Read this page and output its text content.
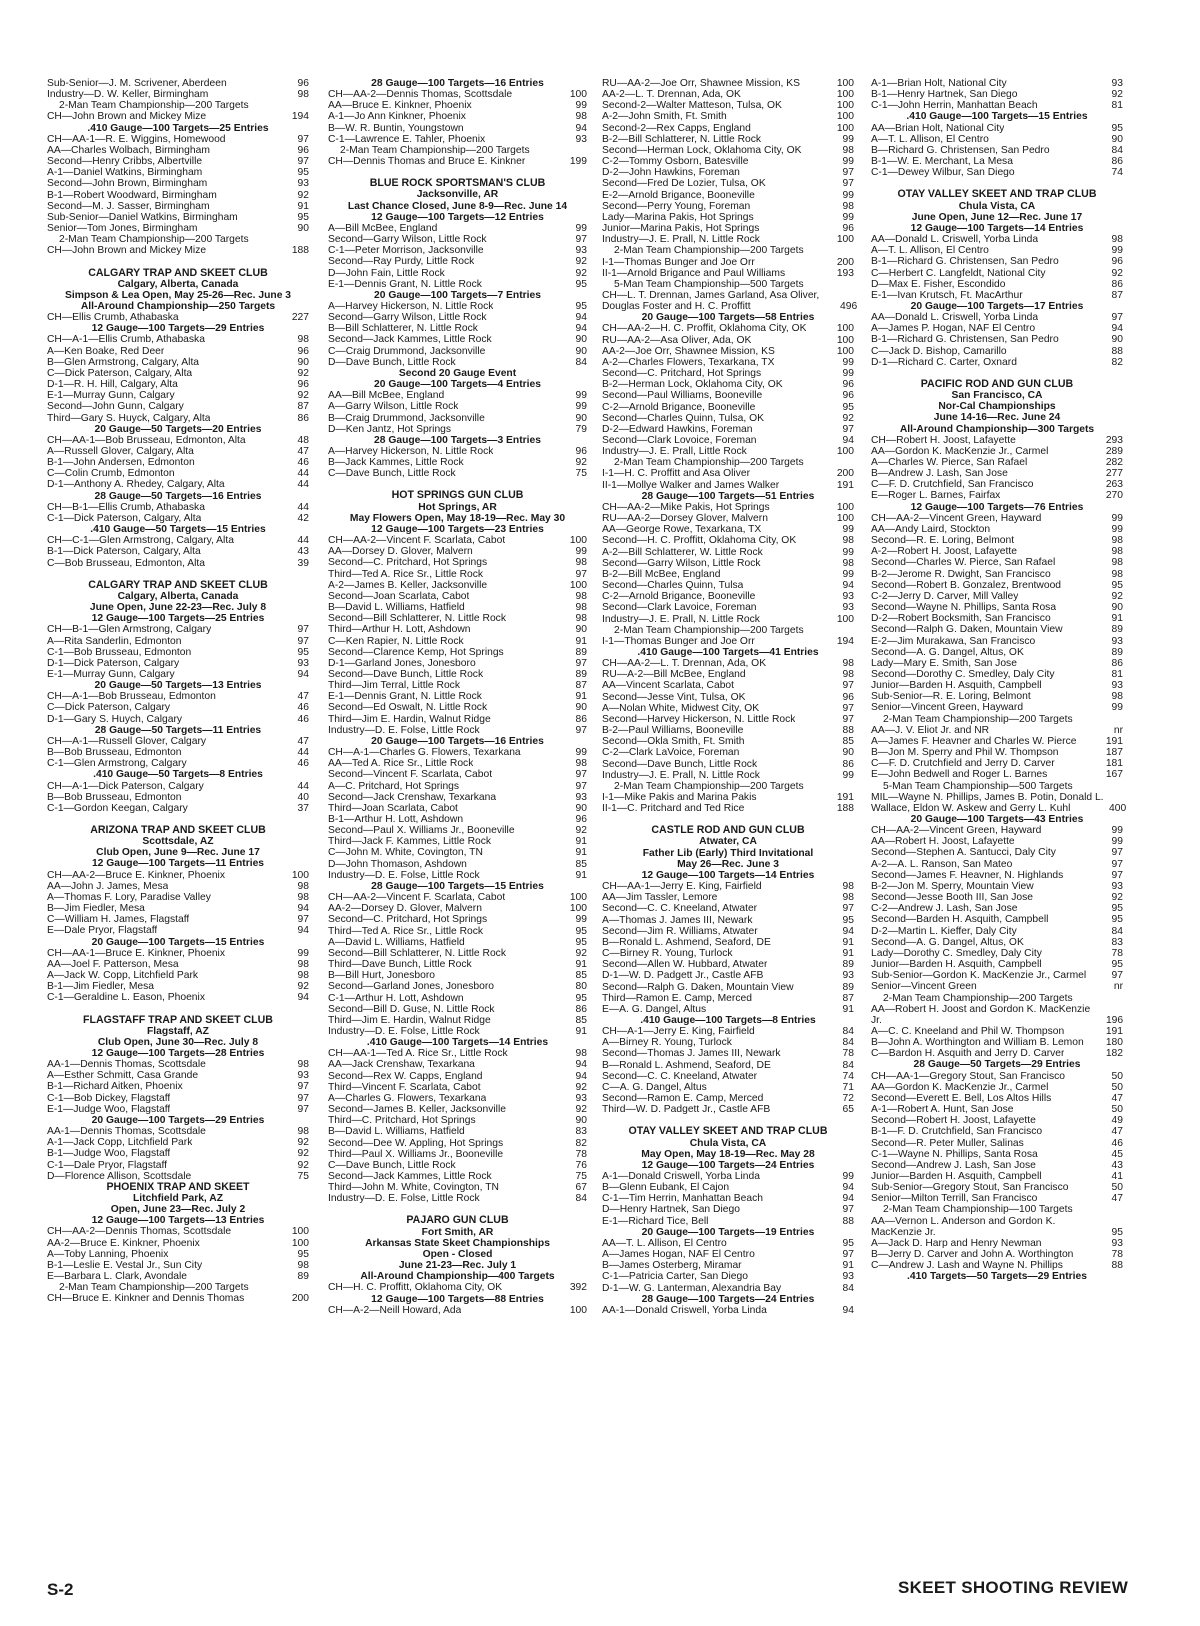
Sub-Senior—J. M. Scrivener, Aberdeen	96
Industry—D. W. Keller, Birmingham	98
2-Man Team Championship—200 Targets
CH—John Brown and Mickey Mize	194
.410 Gauge—100 Targets—25 Entries
CH—AA-1—R. E. Wiggins, Homewood	97
AA—Charles Wolbach, Birmingham	96
Second—Henry Cribbs, Albertville	97
A-1—Daniel Watkins, Birmingham	95
Second—John Brown, Birmingham	93
B-1—Robert Woodward, Birmingham	92
Second—M. J. Sasser, Birmingham	91
Sub-Senior—Daniel Watkins, Birmingham	95
Senior—Tom Jones, Birmingham	90
2-Man Team Championship—200 Targets
CH—John Brown and Mickey Mize	188
CALGARY TRAP AND SKEET CLUB
Calgary, Alberta, Canada
Simpson & Lea Open, May 25-26—Rec. June 3
All-Around Championship—250 Targets
CH—Ellis Crumb, Athabaska	227
12 Gauge—100 Targets—29 Entries
CH—A-1—Ellis Crumb, Athabaska	98
A—Ken Boake, Red Deer	96
B—Glen Armstrong, Calgary, Alta	90
C—Dick Paterson, Calgary, Alta	92
D-1—R. H. Hill, Calgary, Alta	96
E-1—Murray Gunn, Calgary	92
Second—John Gunn, Calgary	87
Third—Gary S. Huyck, Calgary, Alta	86
20 Gauge—50 Targets—20 Entries
CH—AA-1—Bob Brusseau, Edmonton, Alta	48
A—Russell Glover, Calgary, Alta	47
B-1—John Andersen, Edmonton	46
C—Colin Crumb, Edmonton	44
D-1—Anthony A. Rhedey, Calgary, Alta	44
28 Gauge—50 Targets—16 Entries
CH—B-1—Ellis Crumb, Athabaska	44
C-1—Dick Paterson, Calgary, Alta	42
.410 Gauge—50 Targets—15 Entries
CH—C-1—Glen Armstrong, Calgary, Alta	44
B-1—Dick Paterson, Calgary, Alta	43
C—Bob Brusseau, Edmonton, Alta	39
CALGARY TRAP AND SKEET CLUB
Calgary, Alberta, Canada
June Open, June 22-23—Rec. July 8
12 Gauge—100 Targets—25 Entries
CH—B-1—Glen Armstrong, Calgary	97
A—Rita Sanderlin, Edmonton	97
C-1—Bob Brusseau, Edmonton	95
D-1—Dick Paterson, Calgary	93
E-1—Murray Gunn, Calgary	94
20 Gauge—50 Targets—13 Entries
CH—A-1—Bob Brusseau, Edmonton	47
C—Dick Paterson, Calgary	46
D-1—Gary S. Huych, Calgary	46
28 Gauge—50 Targets—11 Entries
CH—A-1—Russell Glover, Calgary	47
B—Bob Brusseau, Edmonton	44
C-1—Glen Armstrong, Calgary	46
.410 Gauge—50 Targets—8 Entries
CH—A-1—Dick Paterson, Calgary	44
B—Bob Brusseau, Edmonton	40
C-1—Gordon Keegan, Calgary	37
ARIZONA TRAP AND SKEET CLUB
Scottsdale, AZ
Club Open, June 9—Rec. June 17
12 Gauge—100 Targets—11 Entries
CH—AA-2—Bruce E. Kinkner, Phoenix	100
AA—John J. James, Mesa	98
A—Thomas F. Lory, Paradise Valley	98
B—Jim Fiedler, Mesa	94
C—William H. James, Flagstaff	97
E—Dale Pryor, Flagstaff	94
20 Gauge—100 Targets—15 Entries
CH—AA-1—Bruce E. Kinkner, Phoenix	99
AA—Joel F. Patterson, Mesa	98
A—Jack W. Copp, Litchfield Park	98
B-1—Jim Fiedler, Mesa	92
C-1—Geraldine L. Eason, Phoenix	94
FLAGSTAFF TRAP AND SKEET CLUB
Flagstaff, AZ
Club Open, June 30—Rec. July 8
12 Gauge—100 Targets—28 Entries
AA-1—Dennis Thomas, Scottsdale	98
A—Esther Schmitt, Casa Grande	93
B-1—Richard Aitken, Phoenix	97
C-1—Bob Dickey, Flagstaff	97
E-1—Judge Woo, Flagstaff	97
20 Gauge—100 Targets—29 Entries
AA-1—Dennis Thomas, Scottsdale	98
A-1—Jack Copp, Litchfield Park	92
B-1—Judge Woo, Flagstaff	92
C-1—Dale Pryor, Flagstaff	92
D—Florence Allison, Scottsdale	75
PHOENIX TRAP AND SKEET
Litchfield Park, AZ
Open, June 23—Rec. July 2
12 Gauge—100 Targets—13 Entries
CH—AA-2—Dennis Thomas, Scottsdale	100
AA-2—Bruce E. Kinkner, Phoenix	100
A—Toby Lanning, Phoenix	95
B-1—Leslie E. Vestal Jr., Sun City	98
E—Barbara L. Clark, Avondale	89
2-Man Team Championship—200 Targets
CH—Bruce E. Kinkner and Dennis Thomas	200
28 Gauge—100 Targets—16 Entries
CH—AA-2—Dennis Thomas, Scottsdale	100
AA—Bruce E. Kinkner, Phoenix	99
A-1—Jo Ann Kinkner, Phoenix	98
B—W. R. Buntin, Youngstown	94
C-1—Lawrence E. Tahler, Phoenix	93
2-Man Team Championship—200 Targets
CH—Dennis Thomas and Bruce E. Kinkner	199
BLUE ROCK SPORTSMAN'S CLUB
Jacksonville, AR
Last Chance Closed, June 8-9—Rec. June 14
12 Gauge—100 Targets—12 Entries
A—Bill McBee, England	99
Second—Garry Wilson, Little Rock	97
C-1—Peter Morrison, Jacksonville	93
Second—Ray Purdy, Little Rock	92
D—John Fain, Little Rock	92
E-1—Dennis Grant, N. Little Rock	95
20 Gauge—100 Targets—7 Entries
A—Harvey Hickerson, N. Little Rock	95
Second—Garry Wilson, Little Rock	94
B—Bill Schlatterer, N. Little Rock	94
Second—Jack Kammes, Little Rock	90
C—Craig Drummond, Jacksonville	90
D—Dave Bunch, Little Rock	84
Second 20 Gauge Event
20 Gauge—100 Targets—4 Entries
AA—Bill McBee, England	99
A—Garry Wilson, Little Rock	99
B—Craig Drummond, Jacksonville	90
D—Ken Jantz, Hot Springs	79
28 Gauge—100 Targets—3 Entries
A—Harvey Hickerson, N. Little Rock	96
B—Jack Kammes, Little Rock	92
C—Dave Bunch, Little Rock	75
HOT SPRINGS GUN CLUB
Hot Springs, AR
May Flowers Open, May 18-19—Rec. May 30
12 Gauge—100 Targets—23 Entries
CH—AA-2—Vincent F. Scarlata, Cabot	100
AA—Dorsey D. Glover, Malvern	99
Second—C. Pritchard, Hot Springs	98
Third—Ted A. Rice Sr., Little Rock	97
A-2—James B. Keller, Jacksonville	100
Second—Joan Scarlata, Cabot	98
B—David L. Williams, Hatfield	98
Second—Bill Schlatterer, N. Little Rock	98
Third—Arthur H. Lott, Ashdown	90
C—Ken Rapier, N. Little Rock	91
Second—Clarence Kemp, Hot Springs	89
D-1—Garland Jones, Jonesboro	97
Second—Dave Bunch, Little Rock	89
Third—Jim Terral, Little Rock	87
E-1—Dennis Grant, N. Little Rock	91
Second—Ed Oswalt, N. Little Rock	90
Third—Jim E. Hardin, Walnut Ridge	86
Industry—D. E. Folse, Little Rock	97
20 Gauge—100 Targets—16 Entries
CH—A-1—Charles G. Flowers, Texarkana	99
AA—Ted A. Rice Sr., Little Rock	98
Second—Vincent F. Scarlata, Cabot	97
A—C. Pritchard, Hot Springs	97
Second—Jack Crenshaw, Texarkana	93
Third—Joan Scarlata, Cabot	90
B-1—Arthur H. Lott, Ashdown	96
Second—Paul X. Williams Jr., Booneville	92
Third—Jack F. Kammes, Little Rock	91
C—John M. White, Covington, TN	91
D—John Thomason, Ashdown	85
Industry—D. E. Folse, Little Rock	91
28 Gauge—100 Targets—15 Entries
CH—AA-2—Vincent F. Scarlata, Cabot	100
AA-2—Dorsey D. Glover, Malvern	100
Second—C. Pritchard, Hot Springs	99
Third—Ted A. Rice Sr., Little Rock	95
A—David L. Williams, Hatfield	95
Second—Bill Schlatterer, N. Little Rock	92
Third—Dave Bunch, Little Rock	91
B—Bill Hurt, Jonesboro	85
Second—Garland Jones, Jonesboro	80
C-1—Arthur H. Lott, Ashdown	95
Second—Bill D. Guse, N. Little Rock	86
Third—Jim E. Hardin, Walnut Ridge	85
Industry—D. E. Folse, Little Rock	91
.410 Gauge—100 Targets—14 Entries
CH—AA-1—Ted A. Rice Sr., Little Rock	98
AA—Jack Crenshaw, Texarkana	94
Second—Rex W. Capps, England	94
Third—Vincent F. Scarlata, Cabot	92
A—Charles G. Flowers, Texarkana	93
Second—James B. Keller, Jacksonville	92
Third—C. Pritchard, Hot Springs	90
B—David L. Williams, Hatfield	83
Second—Dee W. Appling, Hot Springs	82
Third—Paul X. Williams Jr., Booneville	78
C—Dave Bunch, Little Rock	76
Second—Jack Kammes, Little Rock	75
Third—John M. White, Covington, TN	67
Industry—D. E. Folse, Little Rock	84
PAJARO GUN CLUB
Fort Smith, AR
Arkansas State Skeet Championships
Open - Closed
June 21-23—Rec. July 1
All-Around Championship—400 Targets
CH—H. C. Proffitt, Oklahoma City, OK	392
12 Gauge—100 Targets—88 Entries
CH—A-2—Neill Howard, Ada	100
RU—AA-2—Joe Orr, Shawnee Mission, KS	100
AA-2—L. T. Drennan, Ada, OK	100
Second-2—Walter Matteson, Tulsa, OK	100
A-2—John Smith, Ft. Smith	100
Second-2—Rex Capps, England	100
B-2—Bill Schlatterer, N. Little Rock	99
Second—Herman Lock, Oklahoma City, OK	98
C-2—Tommy Osborn, Batesville	99
D-2—John Hawkins, Foreman	97
Second—Fred De Lozier, Tulsa, OK	97
E-2—Arnold Brigance, Booneville	99
Second—Perry Young, Foreman	98
Lady—Marina Pakis, Hot Springs	99
Junior—Marina Pakis, Hot Springs	96
Industry—J. E. Prall, N. Little Rock	100
2-Man Team Championship—200 Targets
I-1—Thomas Bunger and Joe Orr	200
II-1—Arnold Brigance and Paul Williams	193
5-Man Team Championship—500 Targets
CH—L. T. Drennan, James Garland, Asa Oliver, Douglas Foster and H. C. Proffitt	496
20 Gauge—100 Targets—58 Entries
CH—AA-2—H. C. Proffit, Oklahoma City, OK	100
RU—AA-2—Asa Oliver, Ada, OK	100
AA-2—Joe Orr, Shawnee Mission, KS	100
A-2—Charles Flowers, Texarkana, TX	99
Second—C. Pritchard, Hot Springs	99
B-2—Herman Lock, Oklahoma City, OK	96
Second—Paul Williams, Booneville	96
C-2—Arnold Brigance, Booneville	95
Second—Charles Quinn, Tulsa, OK	92
D-2—Edward Hawkins, Foreman	97
Second—Clark Lovoice, Foreman	94
Industry—J. E. Prall, Little Rock	100
2-Man Team Championship—200 Targets
I-1—H. C. Proffitt and Asa Oliver	200
II-1—Mollye Walker and James Walker	191
28 Gauge—100 Targets—51 Entries
CH—AA-2—Mike Pakis, Hot Springs	100
RU—AA-2—Dorsey Glover, Malvern	100
AA—George Rowe, Texarkana, TX	99
Second—H. C. Proffitt, Oklahoma City, OK	98
A-2—Bill Schlatterer, W. Little Rock	99
Second—Garry Wilson, Little Rock	98
B-2—Bill McBee, England	99
Second—Charles Quinn, Tulsa	94
C-2—Arnold Brigance, Booneville	93
Second—Clark Lavoice, Foreman	93
Industry—J. E. Prall, N. Little Rock	100
2-Man Team Championship—200 Targets
I-1—Thomas Bunger and Joe Orr	194
.410 Gauge—100 Targets—41 Entries
CH—AA-2—L. T. Drennan, Ada, OK	98
RU—A-2—Bill McBee, England	98
AA—Vincent Scarlata, Cabot	97
Second—Jesse Vint, Tulsa, OK	96
A—Nolan White, Midwest City, OK	97
Second—Harvey Hickerson, N. Little Rock	97
B-2—Paul Williams, Booneville	88
Second—Okla Smith, Ft. Smith	85
C-2—Clark LaVoice, Foreman	90
Second—Dave Bunch, Little Rock	86
Industry—J. E. Prall, N. Little Rock	99
2-Man Team Championship—200 Targets
I-1—Mike Pakis and Marina Pakis	191
II-1—C. Pritchard and Ted Rice	188
CASTLE ROD AND GUN CLUB
Atwater, CA
Father Lib (Early) Third Invitational
May 26—Rec. June 3
12 Gauge—100 Targets—14 Entries
CH—AA-1—Jerry E. King, Fairfield	98
AA—Jim Tassler, Lemore	98
Second—C. C. Kneeland, Atwater	97
A—Thomas J. James III, Newark	95
Second—Jim R. Williams, Atwater	94
B—Ronald L. Ashmend, Seaford, DE	91
C—Birney R. Young, Turlock	91
Second—Allen W. Hubbard, Atwater	89
D-1—W. D. Padgett Jr., Castle AFB	93
Second—Ralph G. Daken, Mountain View	89
Third—Ramon E. Camp, Merced	87
E—A. G. Dangel, Altus	91
.410 Gauge—100 Targets—8 Entries
CH—A-1—Jerry E. King, Fairfield	84
A—Birney R. Young, Turlock	84
Second—Thomas J. James III, Newark	78
B—Ronald L. Ashmend, Seaford, DE	84
Second—C. C. Kneeland, Atwater	74
C—A. G. Dangel, Altus	71
Second—Ramon E. Camp, Merced	72
Third—W. D. Padgett Jr., Castle AFB	65
OTAY VALLEY SKEET AND TRAP CLUB
Chula Vista, CA
May Open, May 18-19—Rec. May 28
12 Gauge—100 Targets—24 Entries
A-1—Donald Criswell, Yorba Linda	99
B—Glenn Eubank, El Cajon	94
C-1—Tim Herrin, Manhattan Beach	94
D—Henry Hartnek, San Diego	97
E-1—Richard Tice, Bell	88
20 Gauge—100 Targets—19 Entries
AA—T. L. Allison, El Centro	95
A—James Hogan, NAF El Centro	97
B—James Osterberg, Miramar	91
C-1—Patricia Carter, San Diego	93
D-1—W. G. Lanterman, Alexandria Bay	84
28 Gauge—100 Targets—24 Entries
AA-1—Donald Criswell, Yorba Linda	94
A-1—Brian Holt, National City	93
B-1—Henry Hartnek, San Diego	92
C-1—John Herrin, Manhattan Beach	81
.410 Gauge—100 Targets—15 Entries
AA—Brian Holt, National City	95
A—T. L. Allison, El Centro	90
B—Richard G. Christensen, San Pedro	84
B-1—W. E. Merchant, La Mesa	86
C-1—Dewey Wilbur, San Diego	74
OTAY VALLEY SKEET AND TRAP CLUB
Chula Vista, CA
June Open, June 12—Rec. June 17
12 Gauge—100 Targets—14 Entries
AA—Donald L. Criswell, Yorba Linda	98
A—T. L. Allison, El Centro	99
B-1—Richard G. Christensen, San Pedro	96
C—Herbert C. Langfeldt, National City	92
D—Max E. Fisher, Escondido	86
E-1—Ivan Krutsch, Ft. MacArthur	87
20 Gauge—100 Targets—17 Entries
AA—Donald L. Criswell, Yorba Linda	97
A—James P. Hogan, NAF El Centro	94
B-1—Richard G. Christensen, San Pedro	90
C—Jack D. Bishop, Camarillo	88
D-1—Richard C. Carter, Oxnard	82
PACIFIC ROD AND GUN CLUB
San Francisco, CA
Nor-Cal Championships
June 14-16—Rec. June 24
All-Around Championship—300 Targets
CH—Robert H. Joost, Lafayette	293
AA—Gordon K. MacKenzie Jr., Carmel	289
A—Charles W. Pierce, San Rafael	282
B—Andrew J. Lash, San Jose	277
C—F. D. Crutchfield, San Francisco	263
E—Roger L. Barnes, Fairfax	270
12 Gauge—100 Targets—76 Entries
CH—AA-2—Vincent Green, Hayward	99
AA—Andy Laird, Stockton	99
Second—R. E. Loring, Belmont	98
A-2—Robert H. Joost, Lafayette	98
Second—Charles W. Pierce, San Rafael	98
B-2—Jerome R. Dwight, San Francisco	98
Second—Robert B. Gonzalez, Brentwood	95
C-2—Jerry D. Carver, Mill Valley	92
Second—Wayne N. Phillips, Santa Rosa	90
D-2—Robert Bocksmith, San Francisco	91
Second—Ralph G. Daken, Mountain View	89
E-2—Jim Murakawa, San Francisco	93
Second—A. G. Dangel, Altus, OK	89
Lady—Mary E. Smith, San Jose	86
Second—Dorothy C. Smedley, Daly City	81
Junior—Barden H. Asquith, Campbell	93
Sub-Senior—R. E. Loring, Belmont	98
Senior—Vincent Green, Hayward	99
2-Man Team Championship—200 Targets
AA—J. V. Eliot Jr. and NR	nr
A—James F. Heavner and Charles W. Pierce	191
B—Jon M. Sperry and Phil W. Thompson	187
C—F. D. Crutchfield and Jerry D. Carver	181
E—John Bedwell and Roger L. Barnes	167
5-Man Team Championship—500 Targets
MIL—Wayne N. Phillips, James B. Potin, Donald L. Wallace, Eldon W. Askew and Gerry L. Kuhl	400
20 Gauge—100 Targets—43 Entries
CH—AA-2—Vincent Green, Hayward	99
AA—Robert H. Joost, Lafayette	99
Second—Stephen A. Santucci, Daly City	97
A-2—A. L. Ranson, San Mateo	97
Second—James F. Heavner, N. Highlands	97
B-2—Jon M. Sperry, Mountain View	93
Second—Jesse Booth III, San Jose	92
C-2—Andrew J. Lash, San Jose	95
Second—Barden H. Asquith, Campbell	95
D-2—Martin L. Kieffer, Daly City	84
Second—A. G. Dangel, Altus, OK	83
Lady—Dorothy C. Smedley, Daly City	78
Junior—Barden H. Asquith, Campbell	95
Sub-Senior—Gordon K. MacKenzie Jr., Carmel	97
Senior—Vincent Green	nr
2-Man Team Championship—200 Targets
AA—Robert H. Joost and Gordon K. MacKenzie Jr.	196
A—C. C. Kneeland and Phil W. Thompson	191
B—John A. Worthington and William B. Lemon	180
C—Bardon H. Asquith and Jerry D. Carver	182
28 Gauge—50 Targets—29 Entries
CH—AA-1—Gregory Stout, San Francisco	50
AA—Gordon K. MacKenzie Jr., Carmel	50
Second—Everett E. Bell, Los Altos Hills	47
A-1—Robert A. Hunt, San Jose	50
Second—Robert H. Joost, Lafayette	49
B-1—F. D. Crutchfield, San Francisco	47
Second—R. Peter Muller, Salinas	46
C-1—Wayne N. Phillips, Santa Rosa	45
Second—Andrew J. Lash, San Jose	43
Junior—Barden H. Asquith, Campbell	41
Sub-Senior—Gregory Stout, San Francisco	50
Senior—Milton Terrill, San Francisco	47
2-Man Team Championship—100 Targets
AA—Vernon L. Anderson and Gordon K. MacKenzie Jr.	95
A—Jack D. Harp and Henry Newman	93
B—Jerry D. Carver and John A. Worthington	78
C—Andrew J. Lash and Wayne N. Phillips	88
.410 Targets—50 Targets—29 Entries
S-2	SKEET SHOOTING REVIEW
